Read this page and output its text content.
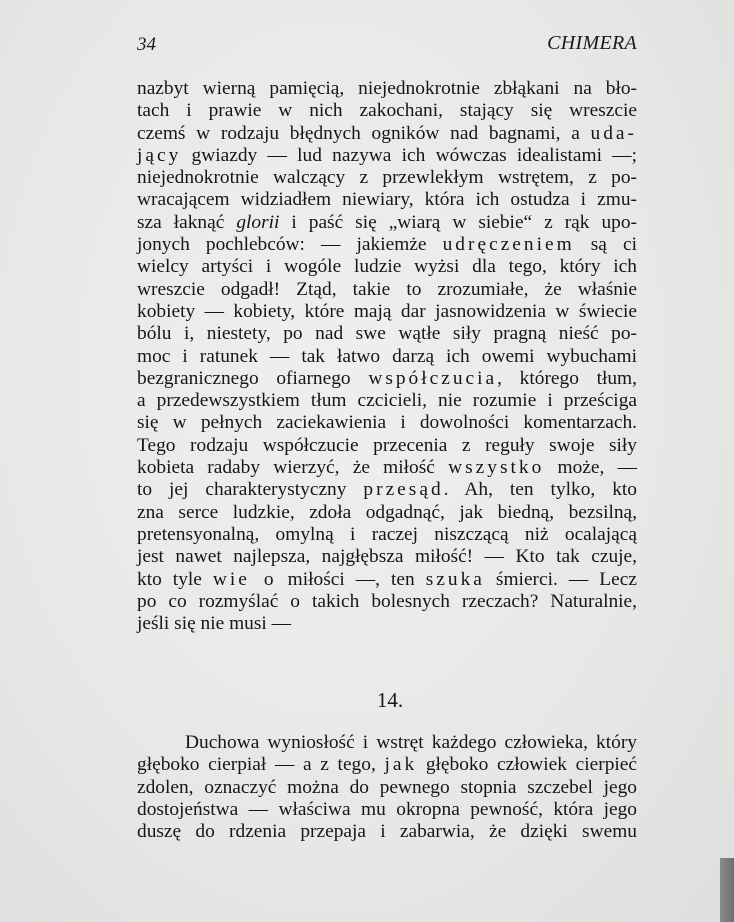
34	CHIMERA
nazbyt wierną pamięcią, niejednokrotnie zbłąkani na bło-
tach i prawie w nich zakochani, stający się wreszcie
czemś w rodzaju błędnych ogników nad bagnami, a uda-
jący gwiazdy — lud nazywa ich wówczas idealistami —;
niejednokrotnie walczący z przewlekłym wstrętem, z po-
wracającem widziadłem niewiary, która ich ostudza i zmu-
sza łaknąć glorii i paść się „wiarą w siebie“ z rąk upo-
jonych pochlebców: — jakiemże udręczeniem są ci
wielcy artyści i wogóle ludzie wyżsi dla tego, który ich
wreszcie odgadł! Ztąd, takie to zrozumiałe, że właśnie
kobiety — kobiety, które mają dar jasnowidzenia w świecie
bólu i, niestety, po nad swe wątłe siły pragną nieść po-
moc i ratunek — tak łatwo darzą ich owemi wybuchami
bezgranicznego ofiarnego współczucia, którego tłum,
a przedewszystkiem tłum czcicieli, nie rozumie i prześciga
się w pełnych zaciekawienia i dowolności komentarzach.
Tego rodzaju współczucie przecenia z reguły swoje siły
kobieta radaby wierzyć, że miłość wszystko może, —
to jej charakterystyczny przesąd. Ah, ten tylko, kto
zna serce ludzkie, zdoła odgadnąć, jak biedną, bezsilną,
pretensyonalną, omylną i raczej niszczącą niż ocalającą
jest nawet najlepsza, najgłębsza miłość! — Kto tak czuje,
kto tyle wie o miłości —, ten szuka śmierci. — Lecz
po co rozmyślać o takich bolesnych rzeczach? Naturalnie,
jeśli się nie musi —
14.
Duchowa wyniosłość i wstręt każdego człowieka, który
głęboko cierpiał — a z tego, jak głęboko człowiek cierpieć
zdolen, oznaczyć można do pewnego stopnia szczebel jego
dostojeństwa — właściwa mu okropna pewność, która jego
duszę do rdzenia przepaja i zabarwia, że dzięki swemu
